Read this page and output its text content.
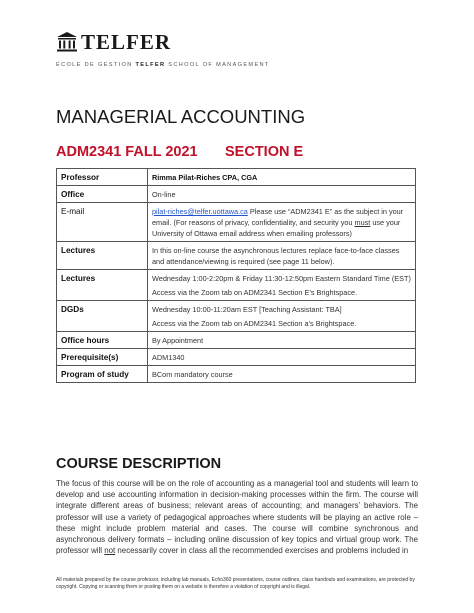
TELFER
ÉCOLE DE GESTION TELFER SCHOOL OF MANAGEMENT
MANAGERIAL ACCOUNTING
ADM2341 FALL 2021 SECTION E
Professor	Rimma Pilat-Riches CPA, CGA
Office	On-line
E-mail	pilat-riches@telfer.uottawa.ca Please use “ADM2341 E” as the subject in your email. (For reasons of privacy, confidentiality, and security you must use your University of Ottawa email address when emailing professors)
Lectures	In this on-line course the asynchronous lectures replace face-to-face classes and attendance/viewing is required (see page 11 below).
Lectures	Wednesday 1:00-2:20pm & Friday 11:30-12:50pm Eastern Standard Time (EST)

Access via the Zoom tab on ADM2341 Section E’s Brightspace.

DGDs	Wednesday 10:00-11:20am EST [Teaching Assistant: TBA]

Access via the Zoom tab on ADM2341 Section a’s Brightspace.

Office hours	By Appointment
Prerequisite(s)	ADM1340
Program of study	BCom mandatory course
COURSE DESCRIPTION

The focus of this course will be on the role of accounting as a managerial tool and students will learn to develop and use accounting information in decision-making processes within the firm. The course will integrate different areas of business; relevant areas of accounting; and managers’ behaviors. The professor will use a variety of pedagogical approaches where students will be playing an active role – these might include problem material and cases. The course will combine synchronous and asynchronous delivery formats – including online discussion of key topics and virtual group work. The professor will not necessarily cover in class all the recommended exercises and problems included in

All materials prepared by the course professor, including lab manuals, Echo360 presentations, course outlines, class handouts and examinations, are protected by copyright. Copying or scanning them or posting them on a website is therefore a violation of copyright and is illegal.
